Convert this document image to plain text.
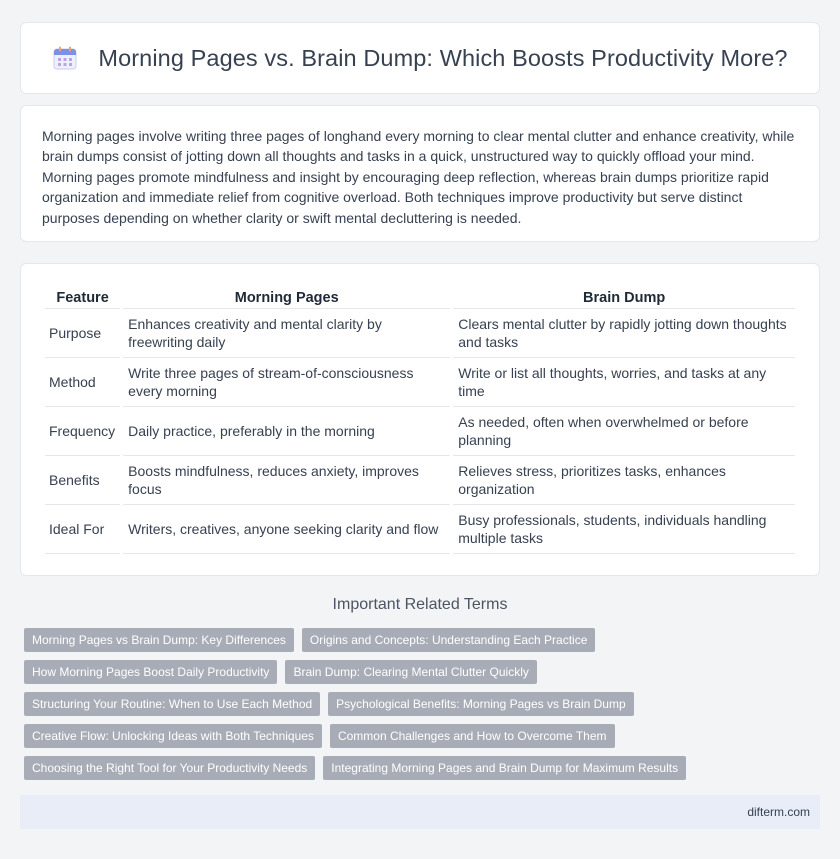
Morning Pages vs. Brain Dump: Which Boosts Productivity More?

Morning pages involve writing three pages of longhand every morning to clear mental clutter and enhance creativity, while brain dumps consist of jotting down all thoughts and tasks in a quick, unstructured way to quickly offload your mind. Morning pages promote mindfulness and insight by encouraging deep reflection, whereas brain dumps prioritize rapid organization and immediate relief from cognitive overload. Both techniques improve productivity but serve distinct purposes depending on whether clarity or swift mental decluttering is needed.

Feature	Morning Pages	Brain Dump
Purpose	Enhances creativity and mental clarity by freewriting daily	Clears mental clutter by rapidly jotting down thoughts and tasks
Method	Write three pages of stream-of-consciousness every morning	Write or list all thoughts, worries, and tasks at any time
Frequency	Daily practice, preferably in the morning	As needed, often when overwhelmed or before planning
Benefits	Boosts mindfulness, reduces anxiety, improves focus	Relieves stress, prioritizes tasks, enhances organization
Ideal For	Writers, creatives, anyone seeking clarity and flow	Busy professionals, students, individuals handling multiple tasks
Important Related Terms
Morning Pages vs Brain Dump: Key Differences	Origins and Concepts: Understanding Each Practice
How Morning Pages Boost Daily Productivity	Brain Dump: Clearing Mental Clutter Quickly
Structuring Your Routine: When to Use Each Method	Psychological Benefits: Morning Pages vs Brain Dump
Creative Flow: Unlocking Ideas with Both Techniques	Common Challenges and How to Overcome Them
Choosing the Right Tool for Your Productivity Needs	Integrating Morning Pages and Brain Dump for Maximum Results
difterm.com
